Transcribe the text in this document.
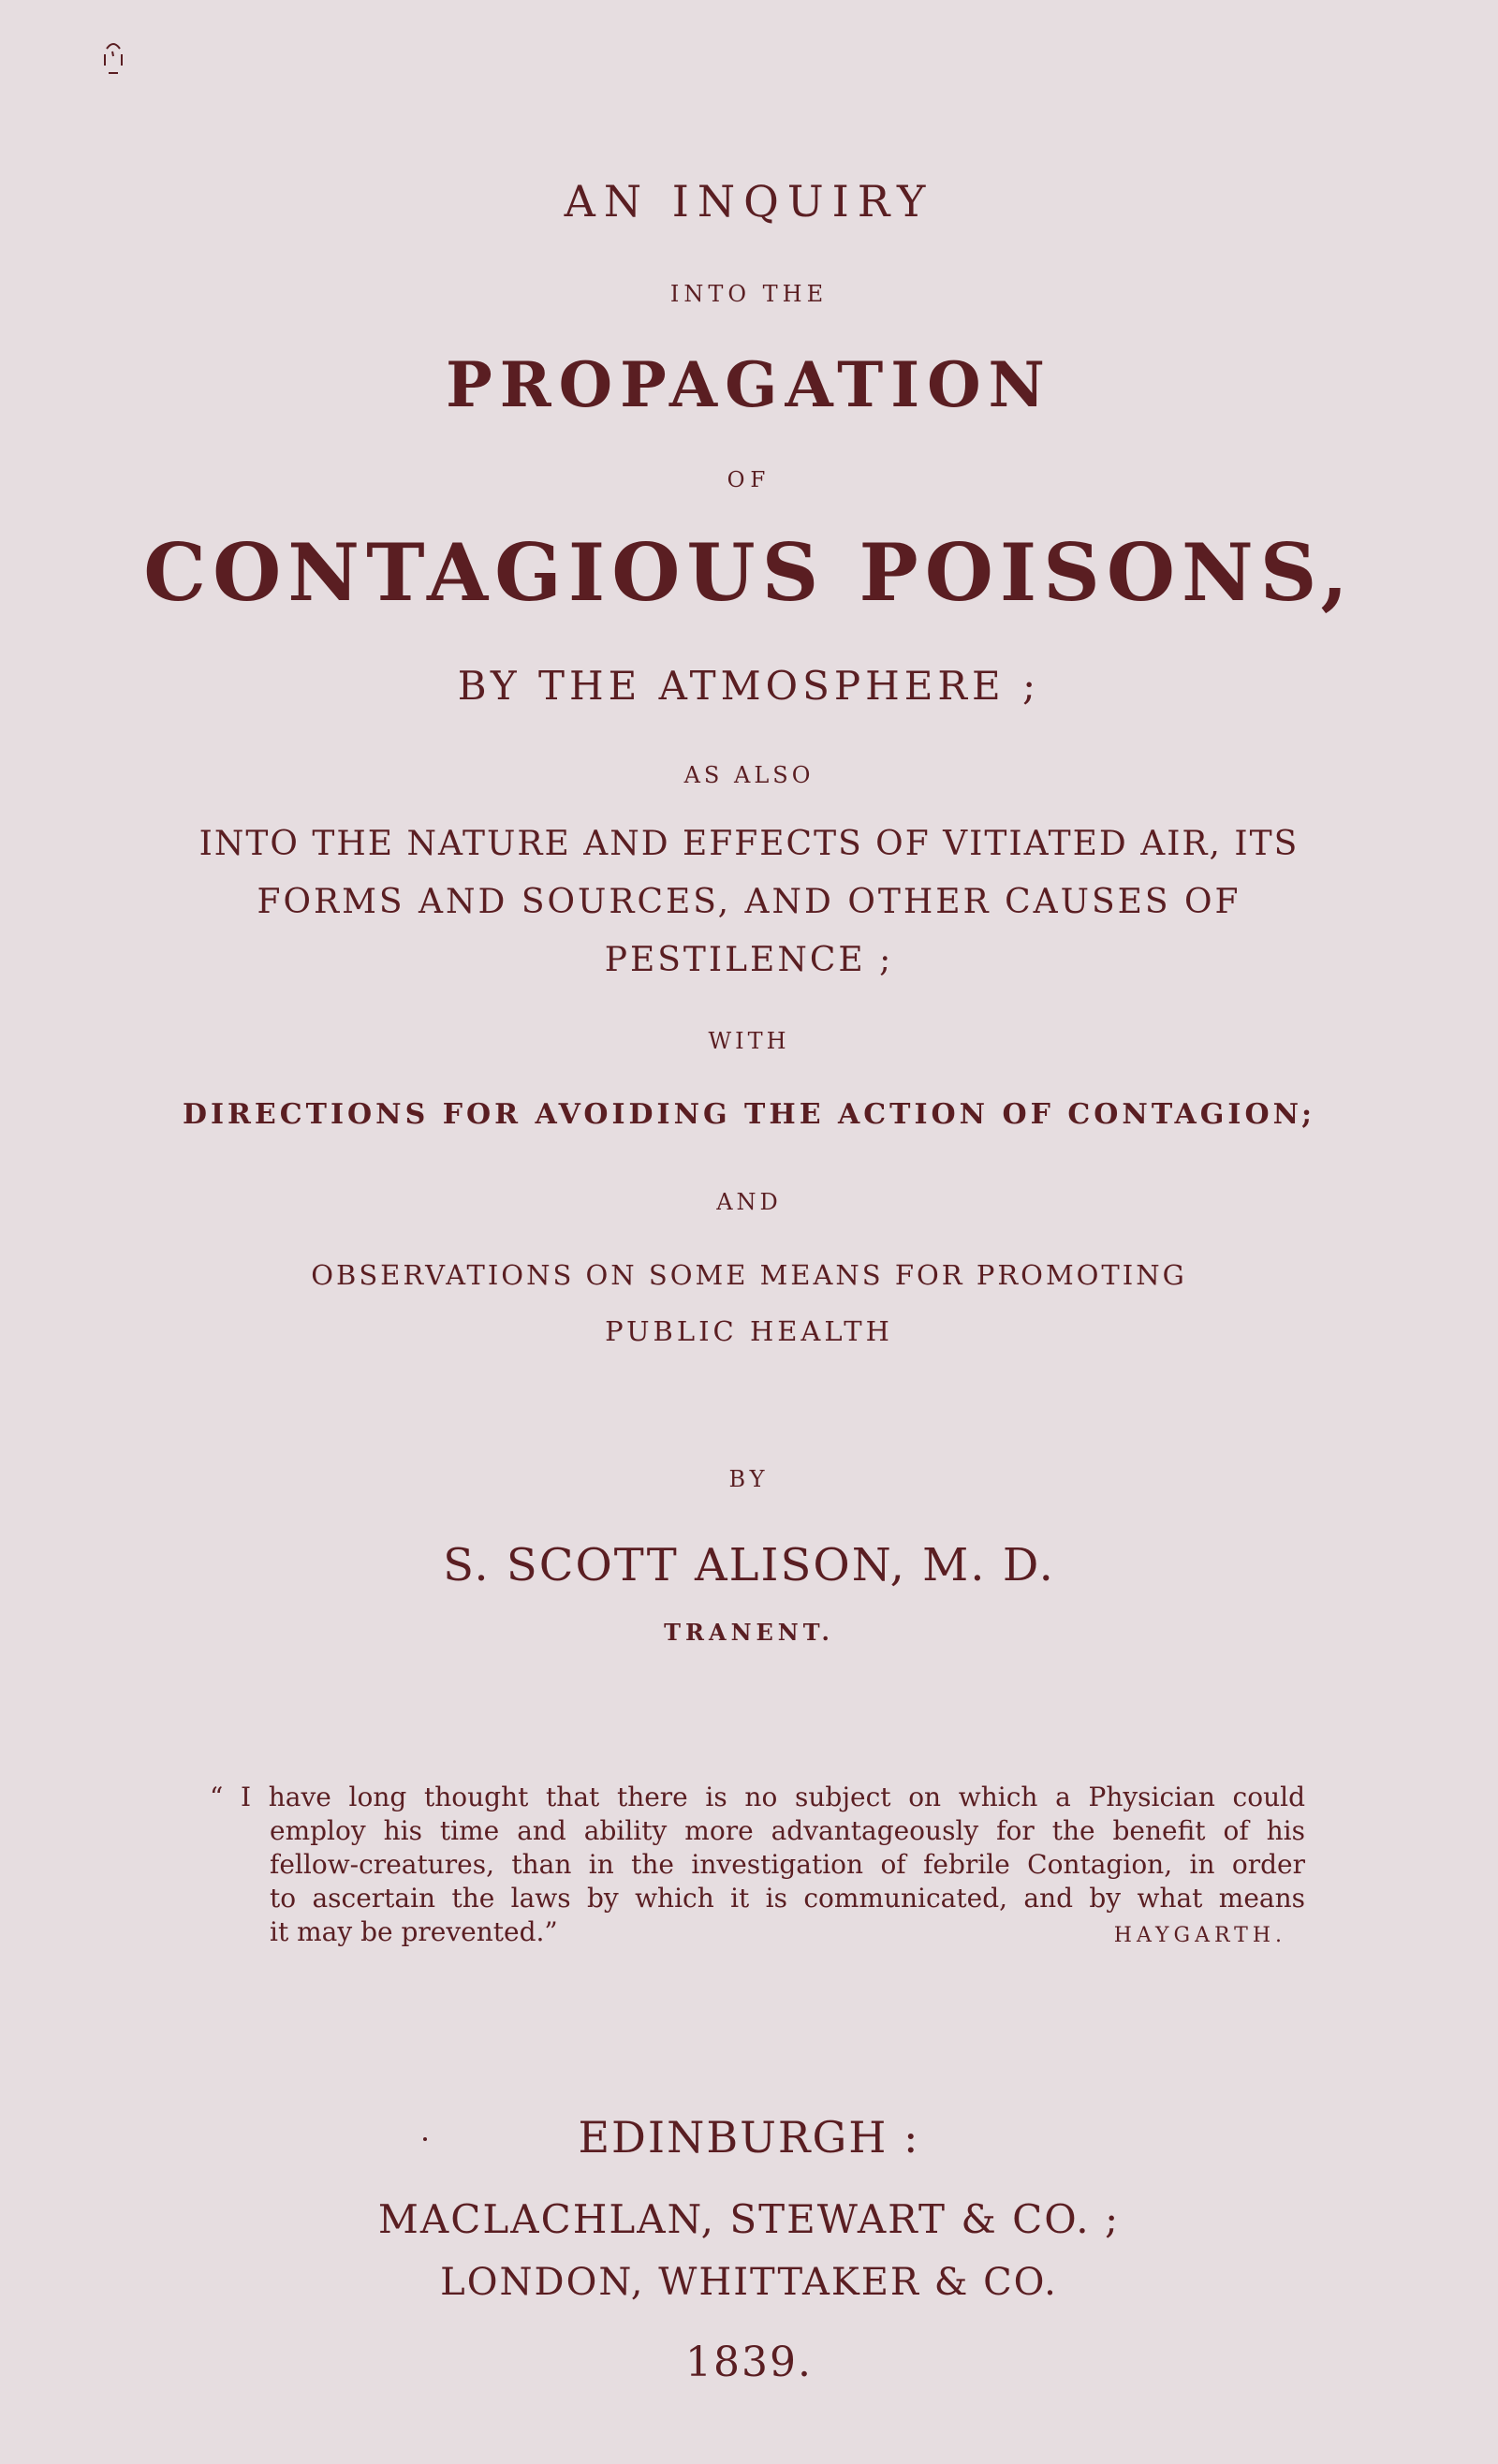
AN INQUIRY
INTO THE
PROPAGATION
OF
CONTAGIOUS POISONS,
BY THE ATMOSPHERE ;
AS ALSO
INTO THE NATURE AND EFFECTS OF VITIATED AIR, ITS
FORMS AND SOURCES, AND OTHER CAUSES OF
PESTILENCE ;
WITH
DIRECTIONS FOR AVOIDING THE ACTION OF CONTAGION;
AND
OBSERVATIONS ON SOME MEANS FOR PROMOTING
PUBLIC HEALTH
BY
S. SCOTT ALISON, M. D.
TRANENT.
“ I have long thought that there is no subject on which a Physician could
employ his time and ability more advantageously for the benefit of his
fellow-creatures, than in the investigation of febrile Contagion, in order
to ascertain the laws by which it is communicated, and by what means
it may be prevented.”	HAYGARTH.
EDINBURGH :
MACLACHLAN, STEWART & CO. ;
LONDON, WHITTAKER & CO.
1839.
